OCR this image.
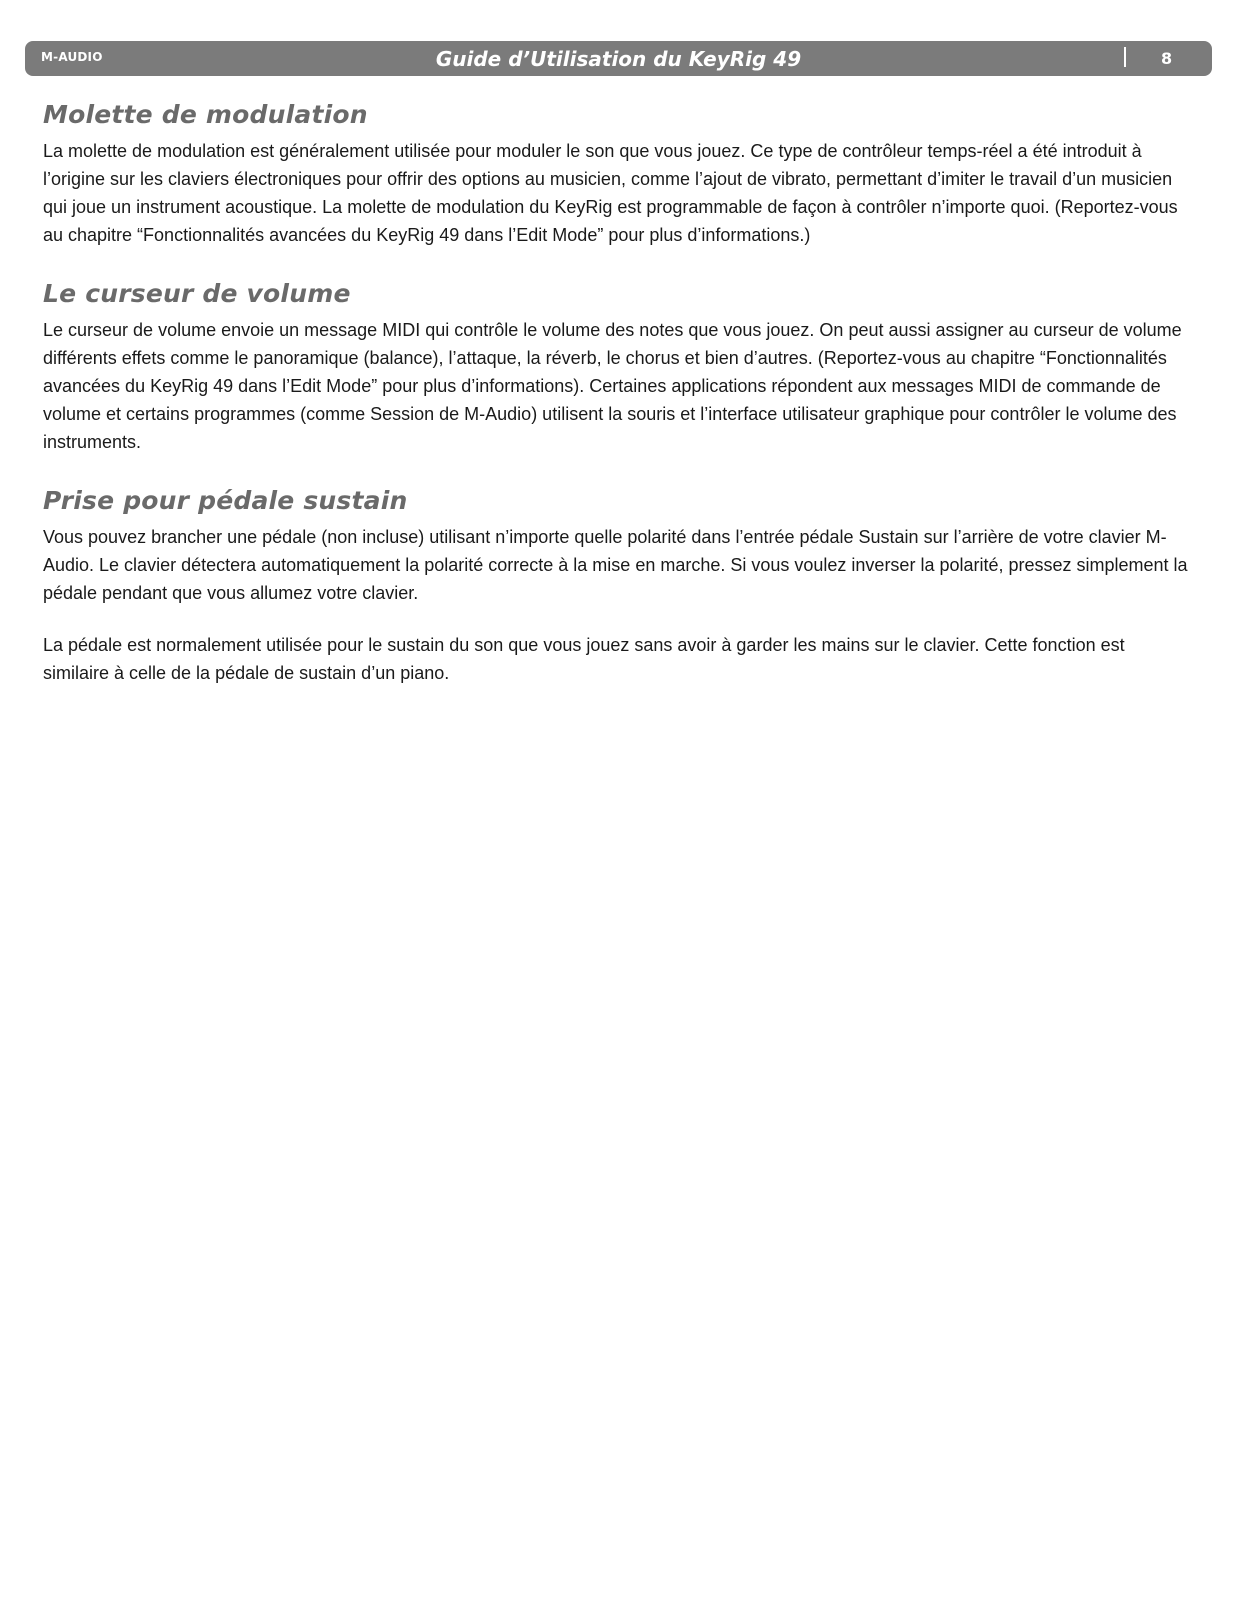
M-AUDIO	Guide d’Utilisation du KeyRig 49	8
Molette de modulation

La molette de modulation est généralement utilisée pour moduler le son que vous jouez. Ce type de contrôleur temps-réel a été introduit à l’origine sur les claviers électroniques pour offrir des options au musicien, comme l’ajout de vibrato, permettant d’imiter le travail d’un musicien qui joue un instrument acoustique. La molette de modulation du KeyRig est programmable de façon à contrôler n’importe quoi. (Reportez-vous au chapitre “Fonctionnalités avancées du KeyRig 49 dans l’Edit Mode” pour plus d’informations.)

Le curseur de volume

Le curseur de volume envoie un message MIDI qui contrôle le volume des notes que vous jouez. On peut aussi assigner au curseur de volume différents effets comme le panoramique (balance), l’attaque, la réverb, le chorus et bien d’autres. (Reportez-vous au chapitre “Fonctionnalités avancées du KeyRig 49 dans l’Edit Mode” pour plus d’informations). Certaines applications répondent aux messages MIDI de commande de volume et certains programmes (comme Session de M-Audio) utilisent la souris et l’interface utilisateur graphique pour contrôler le volume des instruments.

Prise pour pédale sustain

Vous pouvez brancher une pédale (non incluse) utilisant n’importe quelle polarité dans l’entrée pédale Sustain sur l’arrière de votre clavier M-Audio. Le clavier détectera automatiquement la polarité correcte à la mise en marche. Si vous voulez inverser la polarité, pressez simplement la pédale pendant que vous allumez votre clavier.

La pédale est normalement utilisée pour le sustain du son que vous jouez sans avoir à garder les mains sur le clavier. Cette fonction est similaire à celle de la pédale de sustain d’un piano.
